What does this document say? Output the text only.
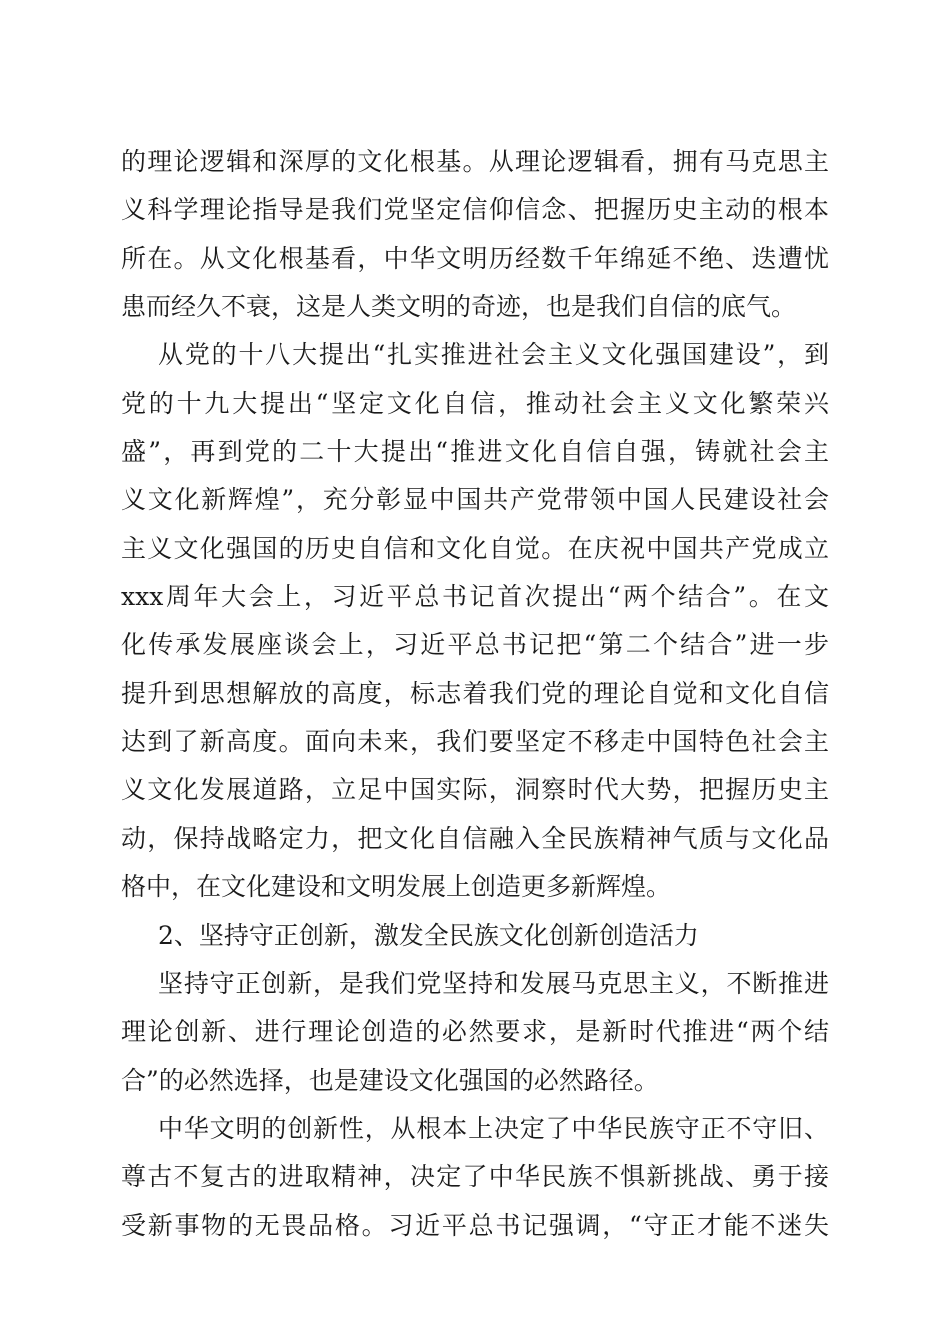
的理论逻辑和深厚的文化根基。从理论逻辑看，拥有马克思主
义科学理论指导是我们党坚定信仰信念、把握历史主动的根本
所在。从文化根基看，中华文明历经数千年绵延不绝、迭遭忧
患而经久不衰，这是人类文明的奇迹，也是我们自信的底气。
从党的十八大提出“扎实推进社会主义文化强国建设”，到
党的十九大提出“坚定文化自信，推动社会主义文化繁荣兴
盛”，再到党的二十大提出“推进文化自信自强，铸就社会主
义文化新辉煌”，充分彰显中国共产党带领中国人民建设社会
主义文化强国的历史自信和文化自觉。在庆祝中国共产党成立
xxx周年大会上，习近平总书记首次提出“两个结合”。在文
化传承发展座谈会上，习近平总书记把“第二个结合”进一步
提升到思想解放的高度，标志着我们党的理论自觉和文化自信
达到了新高度。面向未来，我们要坚定不移走中国特色社会主
义文化发展道路，立足中国实际，洞察时代大势，把握历史主
动，保持战略定力，把文化自信融入全民族精神气质与文化品
格中，在文化建设和文明发展上创造更多新辉煌。
2、坚持守正创新，激发全民族文化创新创造活力
坚持守正创新，是我们党坚持和发展马克思主义，不断推进
理论创新、进行理论创造的必然要求，是新时代推进“两个结
合”的必然选择，也是建设文化强国的必然路径。
中华文明的创新性，从根本上决定了中华民族守正不守旧、
尊古不复古的进取精神，决定了中华民族不惧新挑战、勇于接
受新事物的无畏品格。习近平总书记强调，“守正才能不迷失
